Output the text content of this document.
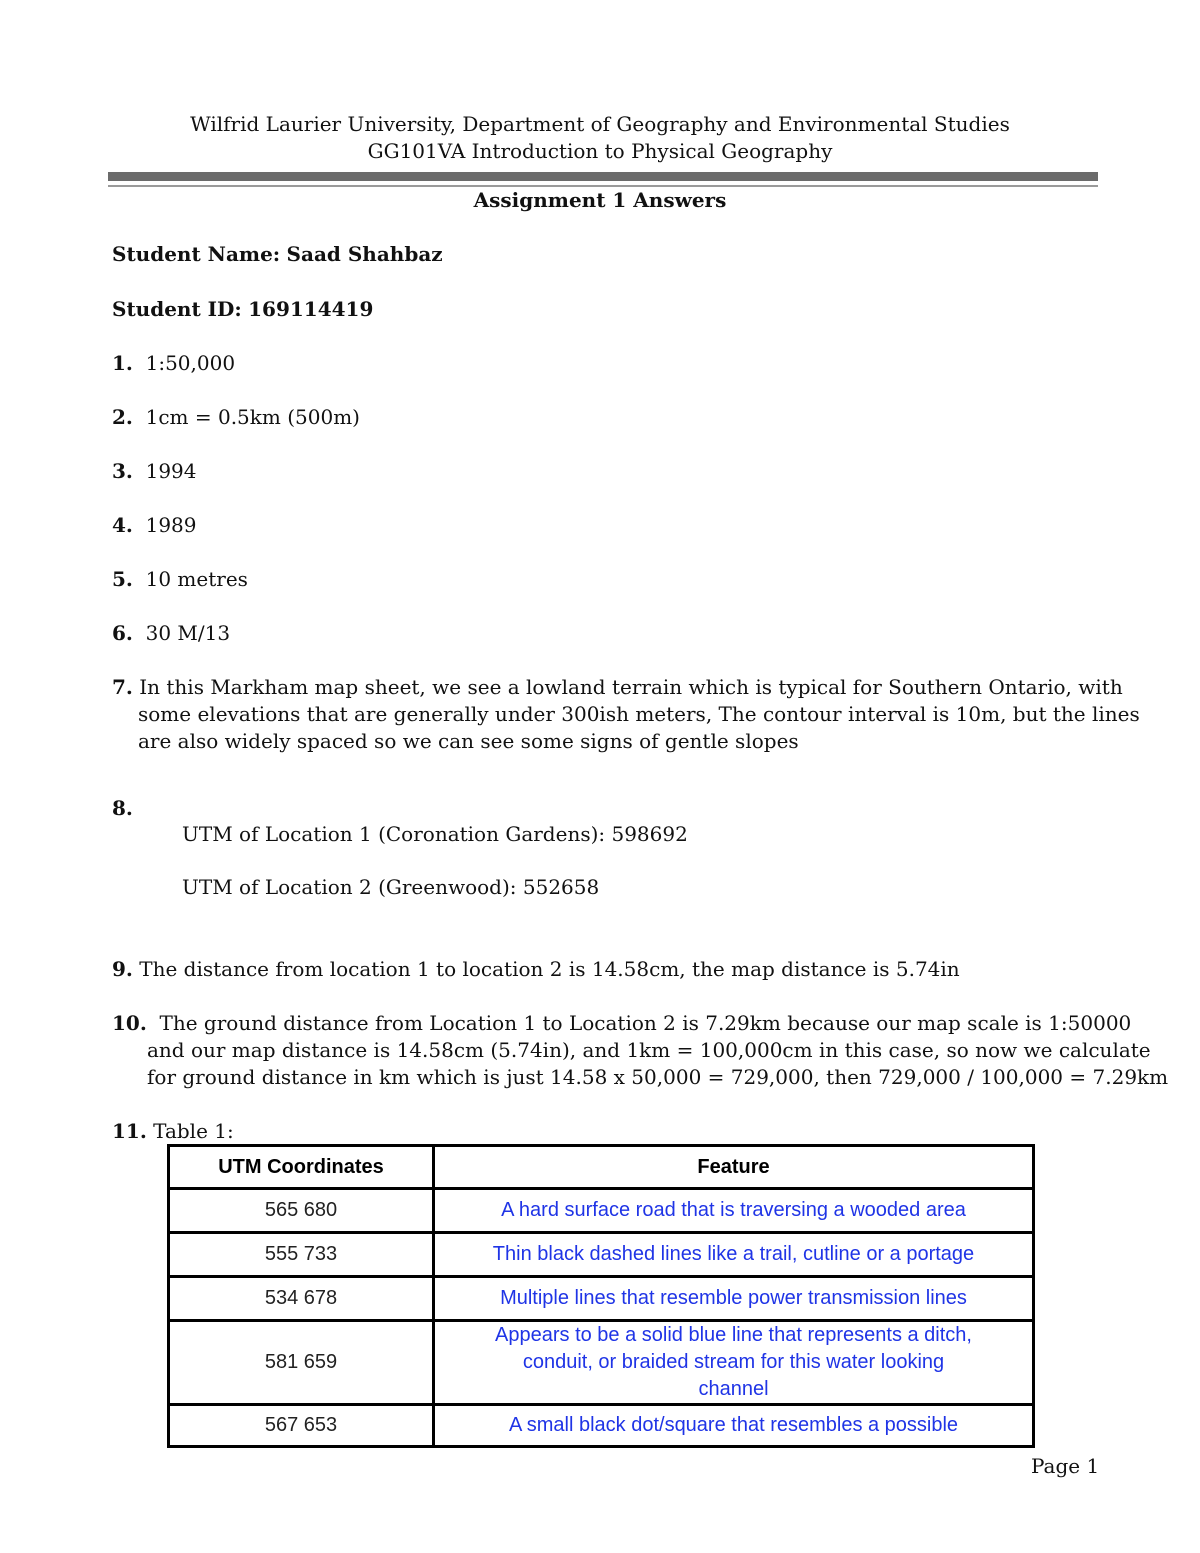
Wilfrid Laurier University, Department of Geography and Environmental Studies
GG101VA Introduction to Physical Geography
Assignment 1 Answers
Student Name: Saad Shahbaz
Student ID: 169114419
1. 1:50,000
2. 1cm = 0.5km (500m)
3. 1994
4. 1989
5. 10 metres
6. 30 M/13
7. In this Markham map sheet, we see a lowland terrain which is typical for Southern Ontario, with
some elevations that are generally under 300ish meters, The contour interval is 10m, but the lines
are also widely spaced so we can see some signs of gentle slopes
8.
UTM of Location 1 (Coronation Gardens): 598692
UTM of Location 2 (Greenwood): 552658
9. The distance from location 1 to location 2 is 14.58cm, the map distance is 5.74in
10. The ground distance from Location 1 to Location 2 is 7.29km because our map scale is 1:50000
and our map distance is 14.58cm (5.74in), and 1km = 100,000cm in this case, so now we calculate
for ground distance in km which is just 14.58 x 50,000 = 729,000, then 729,000 / 100,000 = 7.29km
11. Table 1:
UTM Coordinates	Feature
565 680	A hard surface road that is traversing a wooded area
555 733	Thin black dashed lines like a trail, cutline or a portage
534 678	Multiple lines that resemble power transmission lines
581 659	Appears to be a solid blue line that represents a ditch,
conduit, or braided stream for this water looking
channel

567 653	A small black dot/square that resembles a possible
Page 1
